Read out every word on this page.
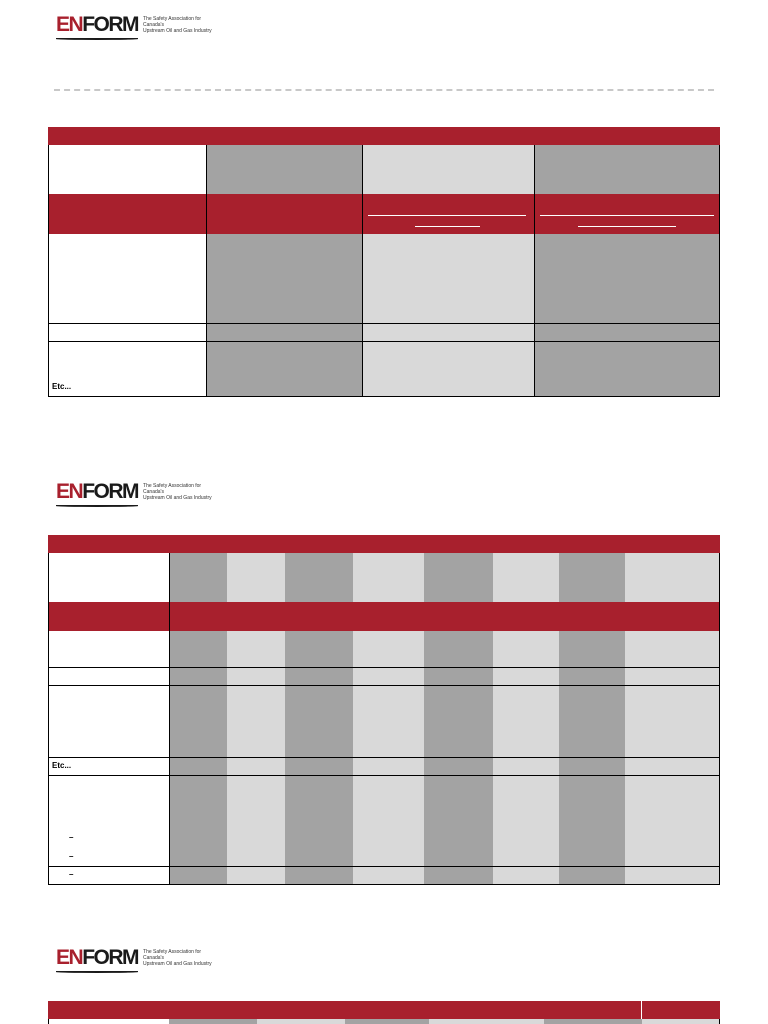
ENFORM The Safety Association for Canada's
Upstream Oil and Gas Industry
Etc...
ENFORM The Safety Association for Canada's
Upstream Oil and Gas Industry
Etc...
–
–
–
ENFORM The Safety Association for Canada's
Upstream Oil and Gas Industry
